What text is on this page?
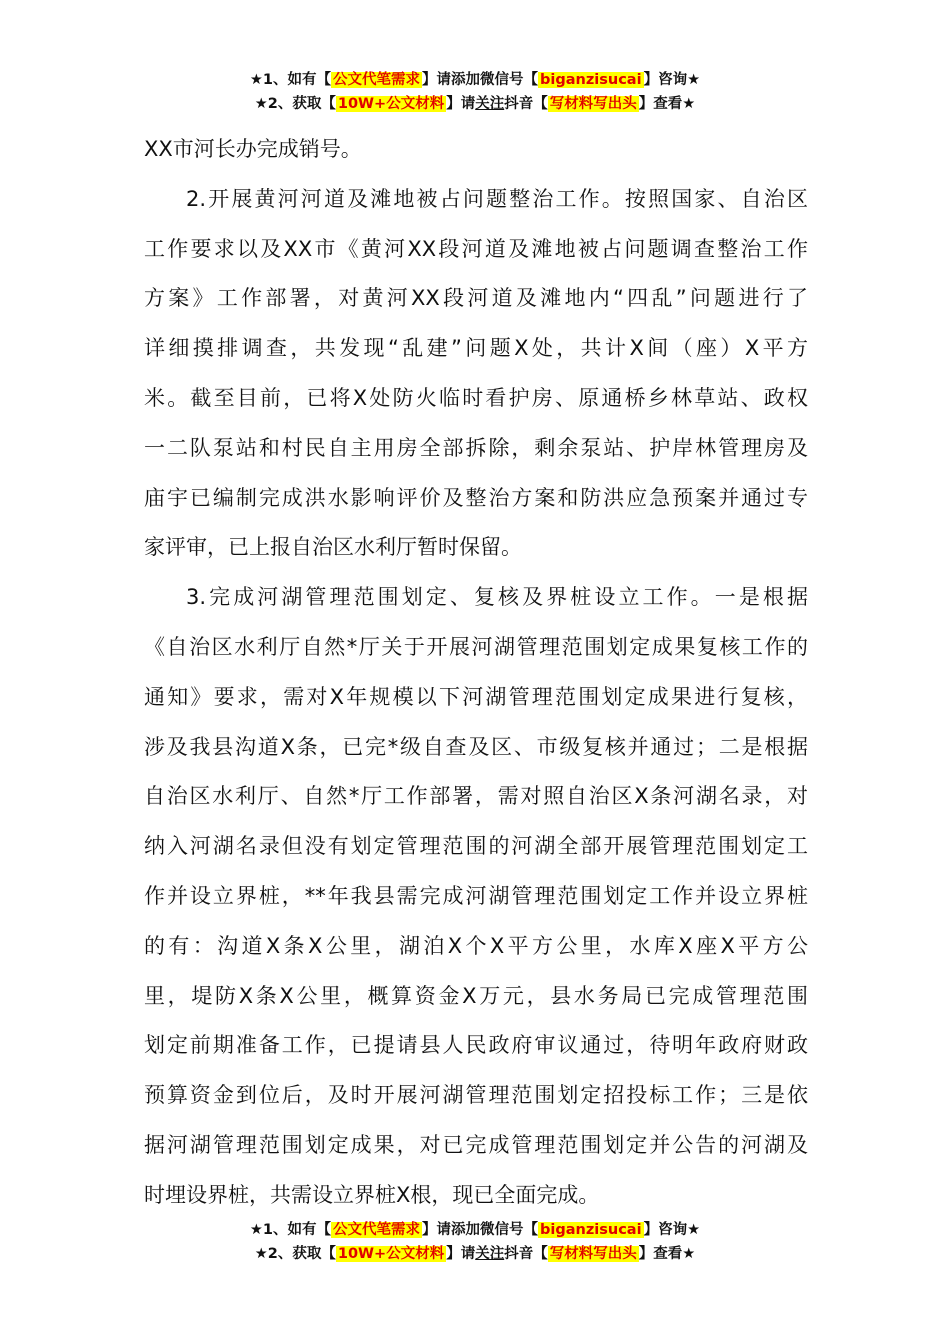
★1、如有【 公文代笔需求 】请添加微信号【 biganzisucai 】咨询★
★2、获取【 10W+公文材料 】请关注抖音【 写材料写出头 】查看★
XX市河长办完成销号。
2.开展黄河河道及滩地被占问题整治工作。按照国家、自治区
工作要求以及XX市《黄河XX段河道及滩地被占问题调查整治工作
方案》工作部署，对黄河XX段河道及滩地内“四乱”问题进行了
详细摸排调查，共发现“乱建”问题X处，共计X间（座）X平方
米。截至目前，已将X处防火临时看护房、原通桥乡林草站、政权
一二队泵站和村民自主用房全部拆除，剩余泵站、护岸林管理房及
庙宇已编制完成洪水影响评价及整治方案和防洪应急预案并通过专
家评审，已上报自治区水利厅暂时保留。
3.完成河湖管理范围划定、复核及界桩设立工作。一是根据
《自治区水利厅自然*厅关于开展河湖管理范围划定成果复核工作的
通知》要求，需对X年规模以下河湖管理范围划定成果进行复核，
涉及我县沟道X条，已完*级自查及区、市级复核并通过；二是根据
自治区水利厅、自然*厅工作部署，需对照自治区X条河湖名录，对
纳入河湖名录但没有划定管理范围的河湖全部开展管理范围划定工
作并设立界桩，**年我县需完成河湖管理范围划定工作并设立界桩
的有：沟道X条X公里，湖泊X个X平方公里，水库X座X平方公
里，堤防X条X公里，概算资金X万元，县水务局已完成管理范围
划定前期准备工作，已提请县人民政府审议通过，待明年政府财政
预算资金到位后，及时开展河湖管理范围划定招投标工作；三是依
据河湖管理范围划定成果，对已完成管理范围划定并公告的河湖及
时埋设界桩，共需设立界桩X根，现已全面完成。
★1、如有【 公文代笔需求 】请添加微信号【 biganzisucai 】咨询★
★2、获取【 10W+公文材料 】请关注抖音【 写材料写出头 】查看★
